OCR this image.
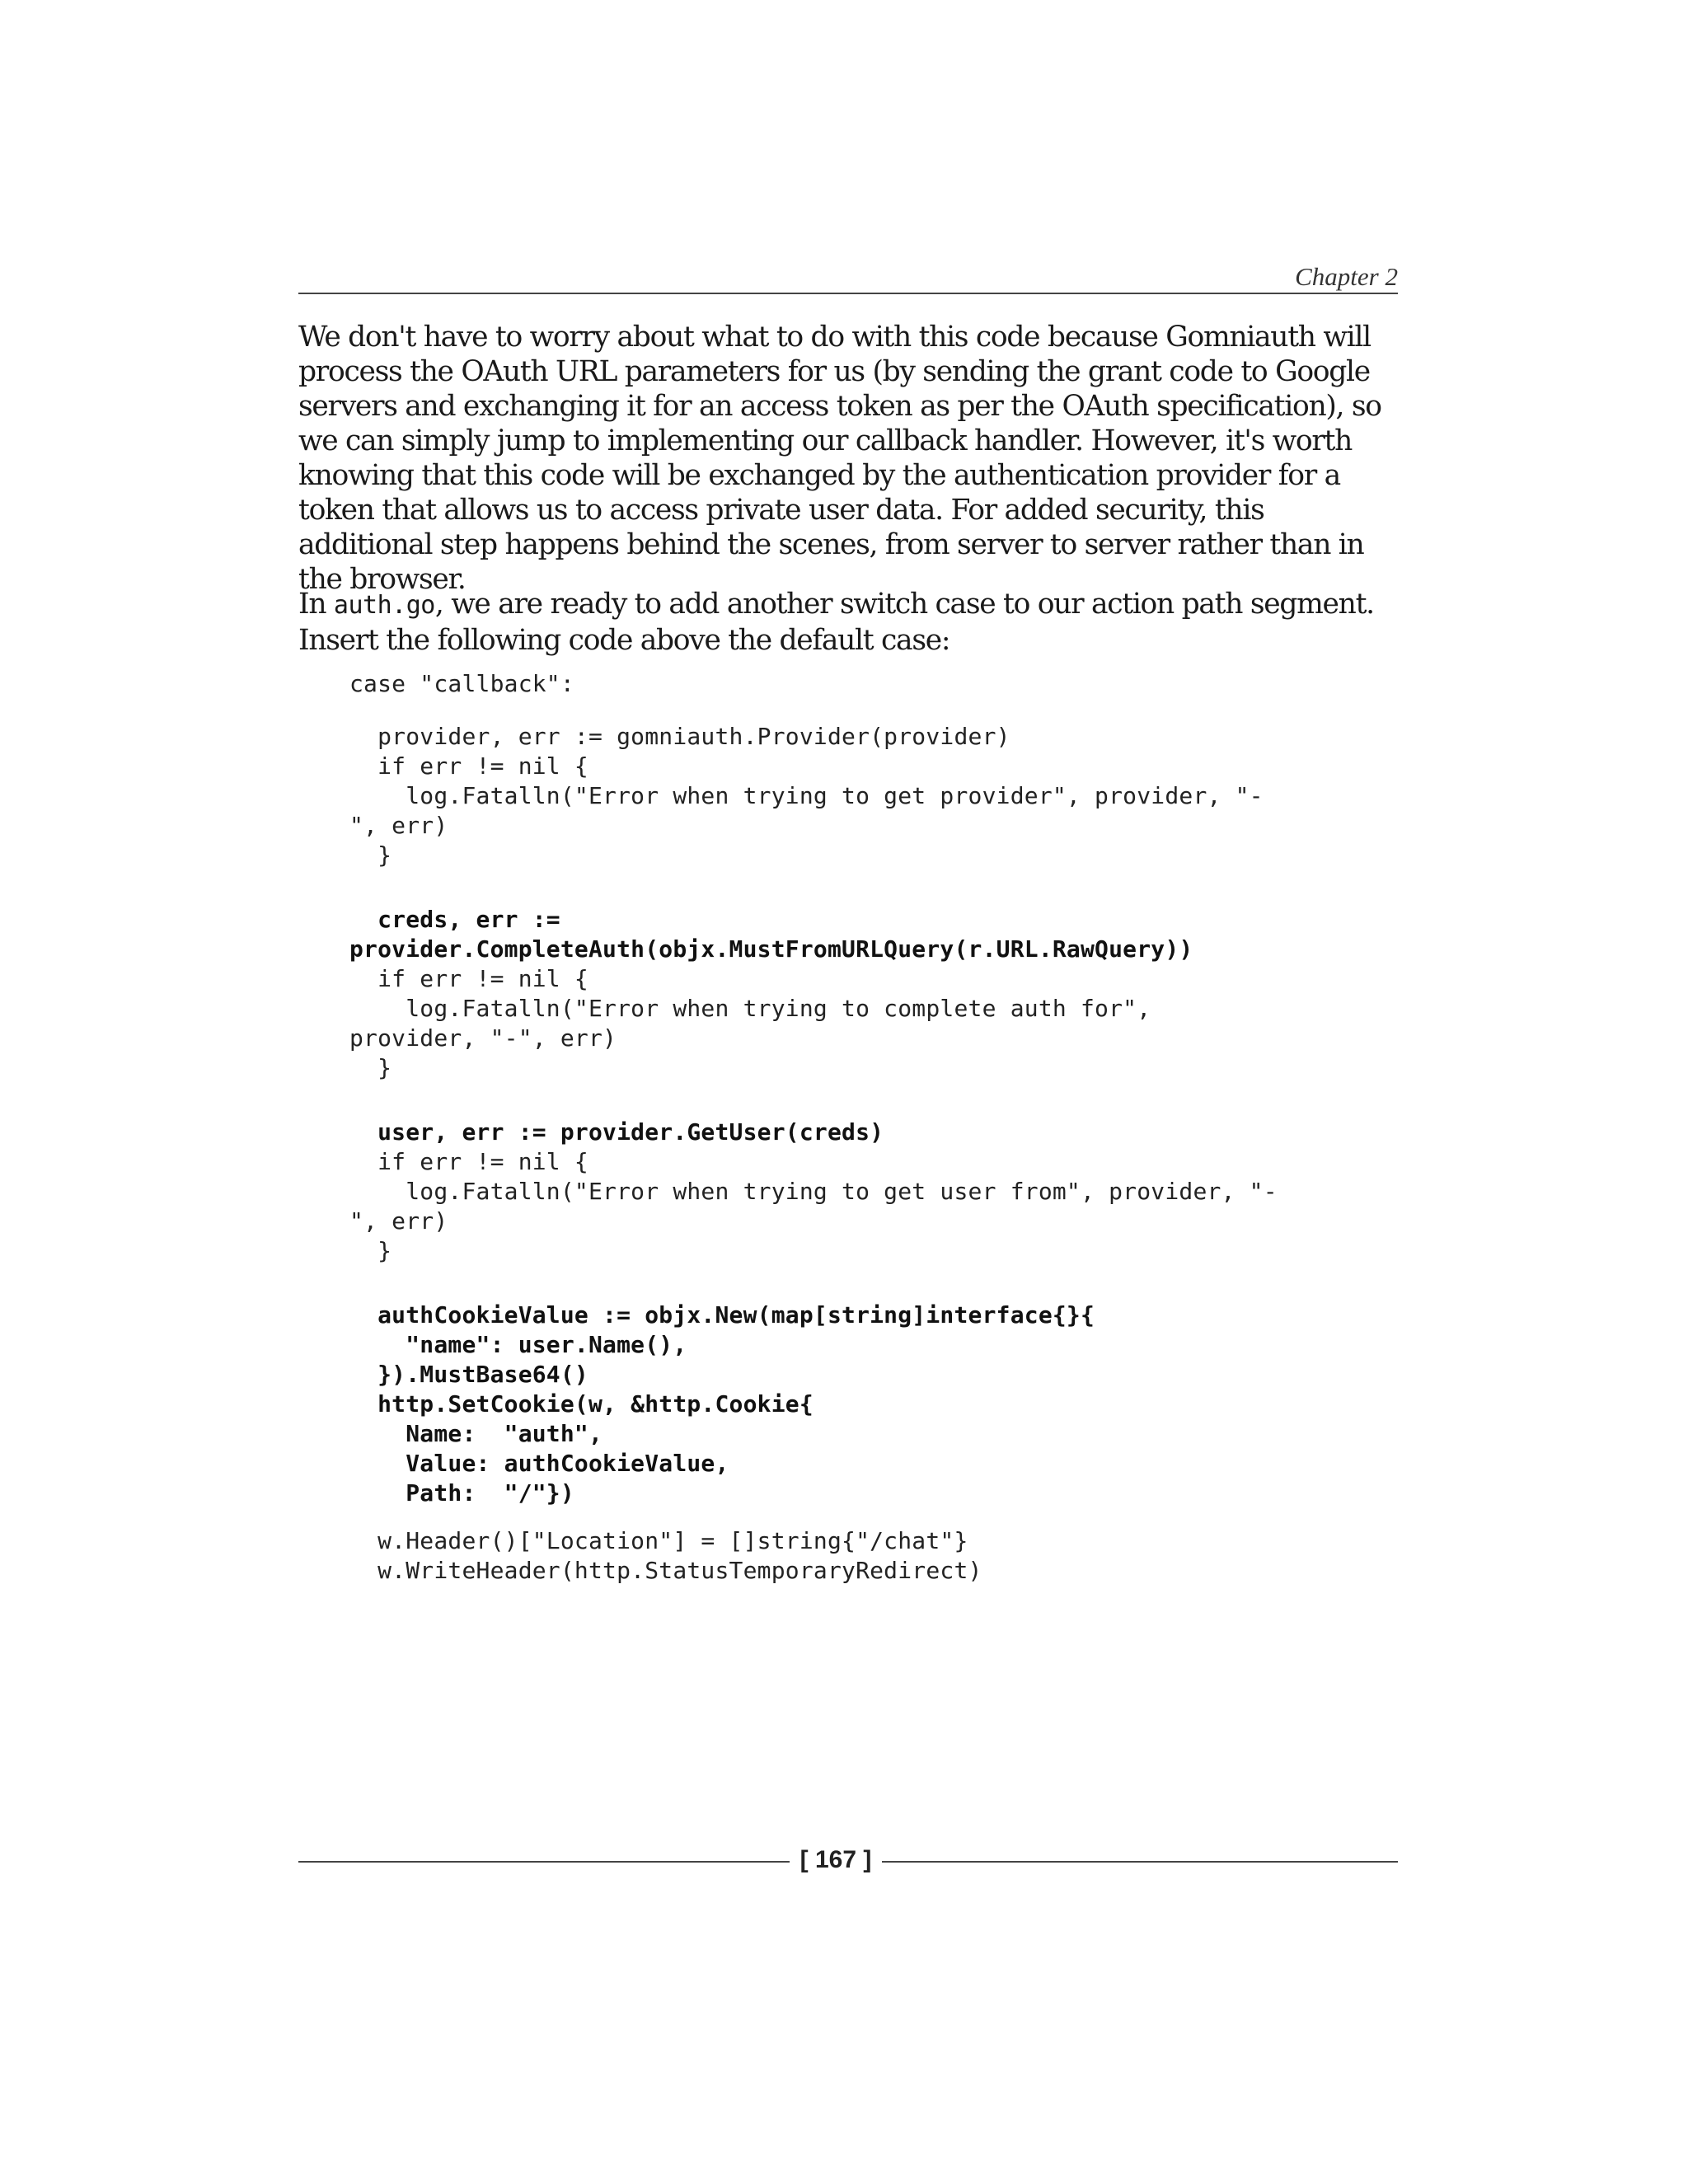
Chapter 2

We don't have to worry about what to do with this code because Gomniauth will process the OAuth URL parameters for us (by sending the grant code to Google servers and exchanging it for an access token as per the OAuth specification), so we can simply jump to implementing our callback handler. However, it's worth knowing that this code will be exchanged by the authentication provider for a token that allows us to access private user data. For added security, this additional step happens behind the scenes, from server to server rather than in the browser.

In auth.go, we are ready to add another switch case to our action path segment. Insert the following code above the default case:

case "callback":
provider, err := gomniauth.Provider(provider)
if err != nil {
log.Fatalln("Error when trying to get provider", provider, "-
", err)
}
creds, err :=
provider.CompleteAuth(objx.MustFromURLQuery(r.URL.RawQuery))
if err != nil {
log.Fatalln("Error when trying to complete auth for",
provider, "-", err)
}
user, err := provider.GetUser(creds)
if err != nil {
log.Fatalln("Error when trying to get user from", provider, "-
", err)
}
authCookieValue := objx.New(map[string]interface{}{
"name": user.Name(),
}).MustBase64()
http.SetCookie(w, &http.Cookie{
Name:  "auth",
Value: authCookieValue,
Path:  "/"})
w.Header()["Location"] = []string{"/chat"}
w.WriteHeader(http.StatusTemporaryRedirect)
[ 167 ]
